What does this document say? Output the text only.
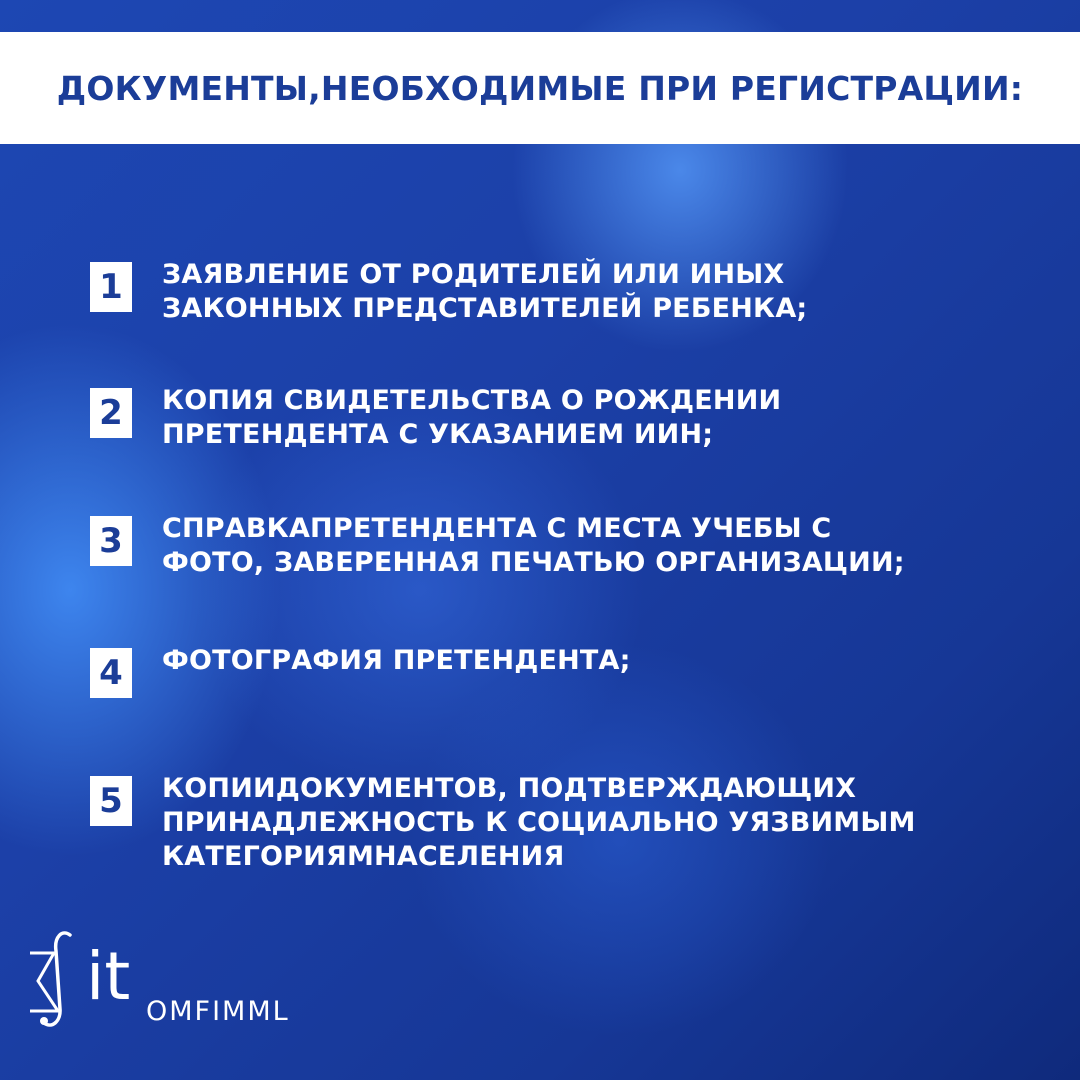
ДОКУМЕНТЫ,НЕОБХОДИМЫЕ ПРИ РЕГИСТРАЦИИ:
1	ЗАЯВЛЕНИЕ ОТ РОДИТЕЛЕЙ ИЛИ ИНЫХ
ЗАКОННЫХ ПРЕДСТАВИТЕЛЕЙ РЕБЕНКА;
2	КОПИЯ СВИДЕТЕЛЬСТВА О РОЖДЕНИИ
ПРЕТЕНДЕНТА С УКАЗАНИЕМ ИИН;
3	СПРАВКАПРЕТЕНДЕНТА С МЕСТА УЧЕБЫ С
ФОТО, ЗАВЕРЕННАЯ ПЕЧАТЬЮ ОРГАНИЗАЦИИ;
4	ФОТОГРАФИЯ ПРЕТЕНДЕНТА;
5	КОПИИДОКУМЕНТОВ, ПОДТВЕРЖДАЮЩИХ
ПРИНАДЛЕЖНОСТЬ К СОЦИАЛЬНО УЯЗВИМЫМ
КАТЕГОРИЯМНАСЕЛЕНИЯ
it OMFIMML
